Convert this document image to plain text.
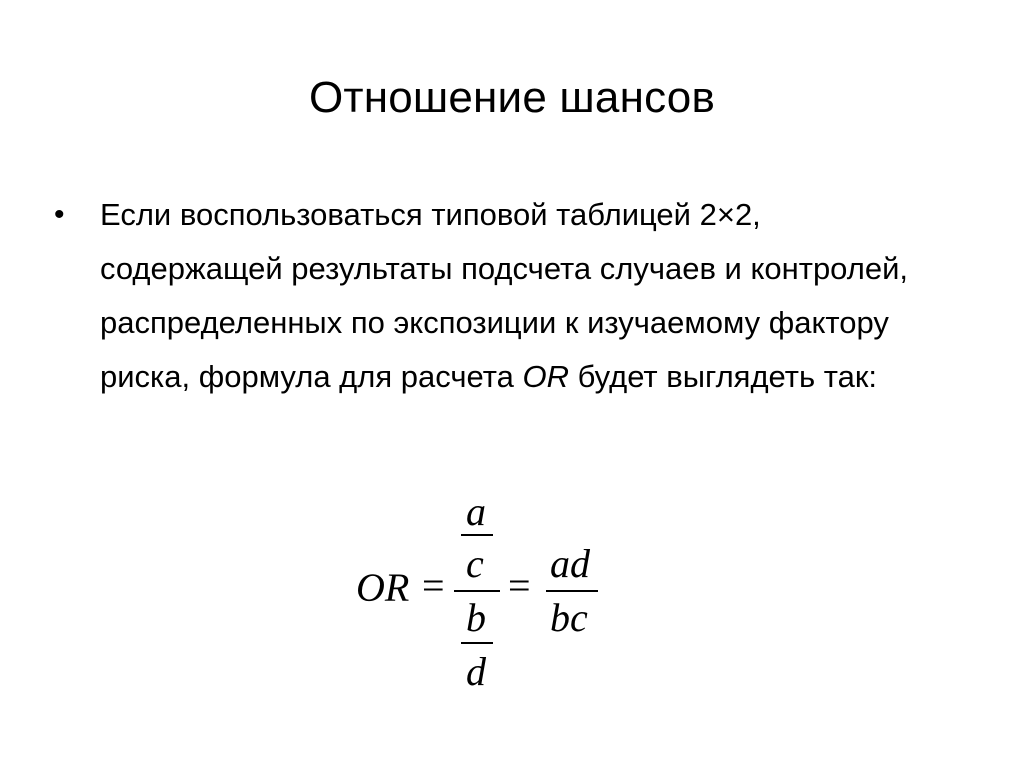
Отношение шансов
• Если воспользоваться типовой таблицей 2×2, содержащей результаты подсчета случаев и контролей, распределенных по экспозиции к изучаемому фактору риска, формула для расчета OR будет выглядеть так:
OR =
a
c
b
d
= ad
bc
